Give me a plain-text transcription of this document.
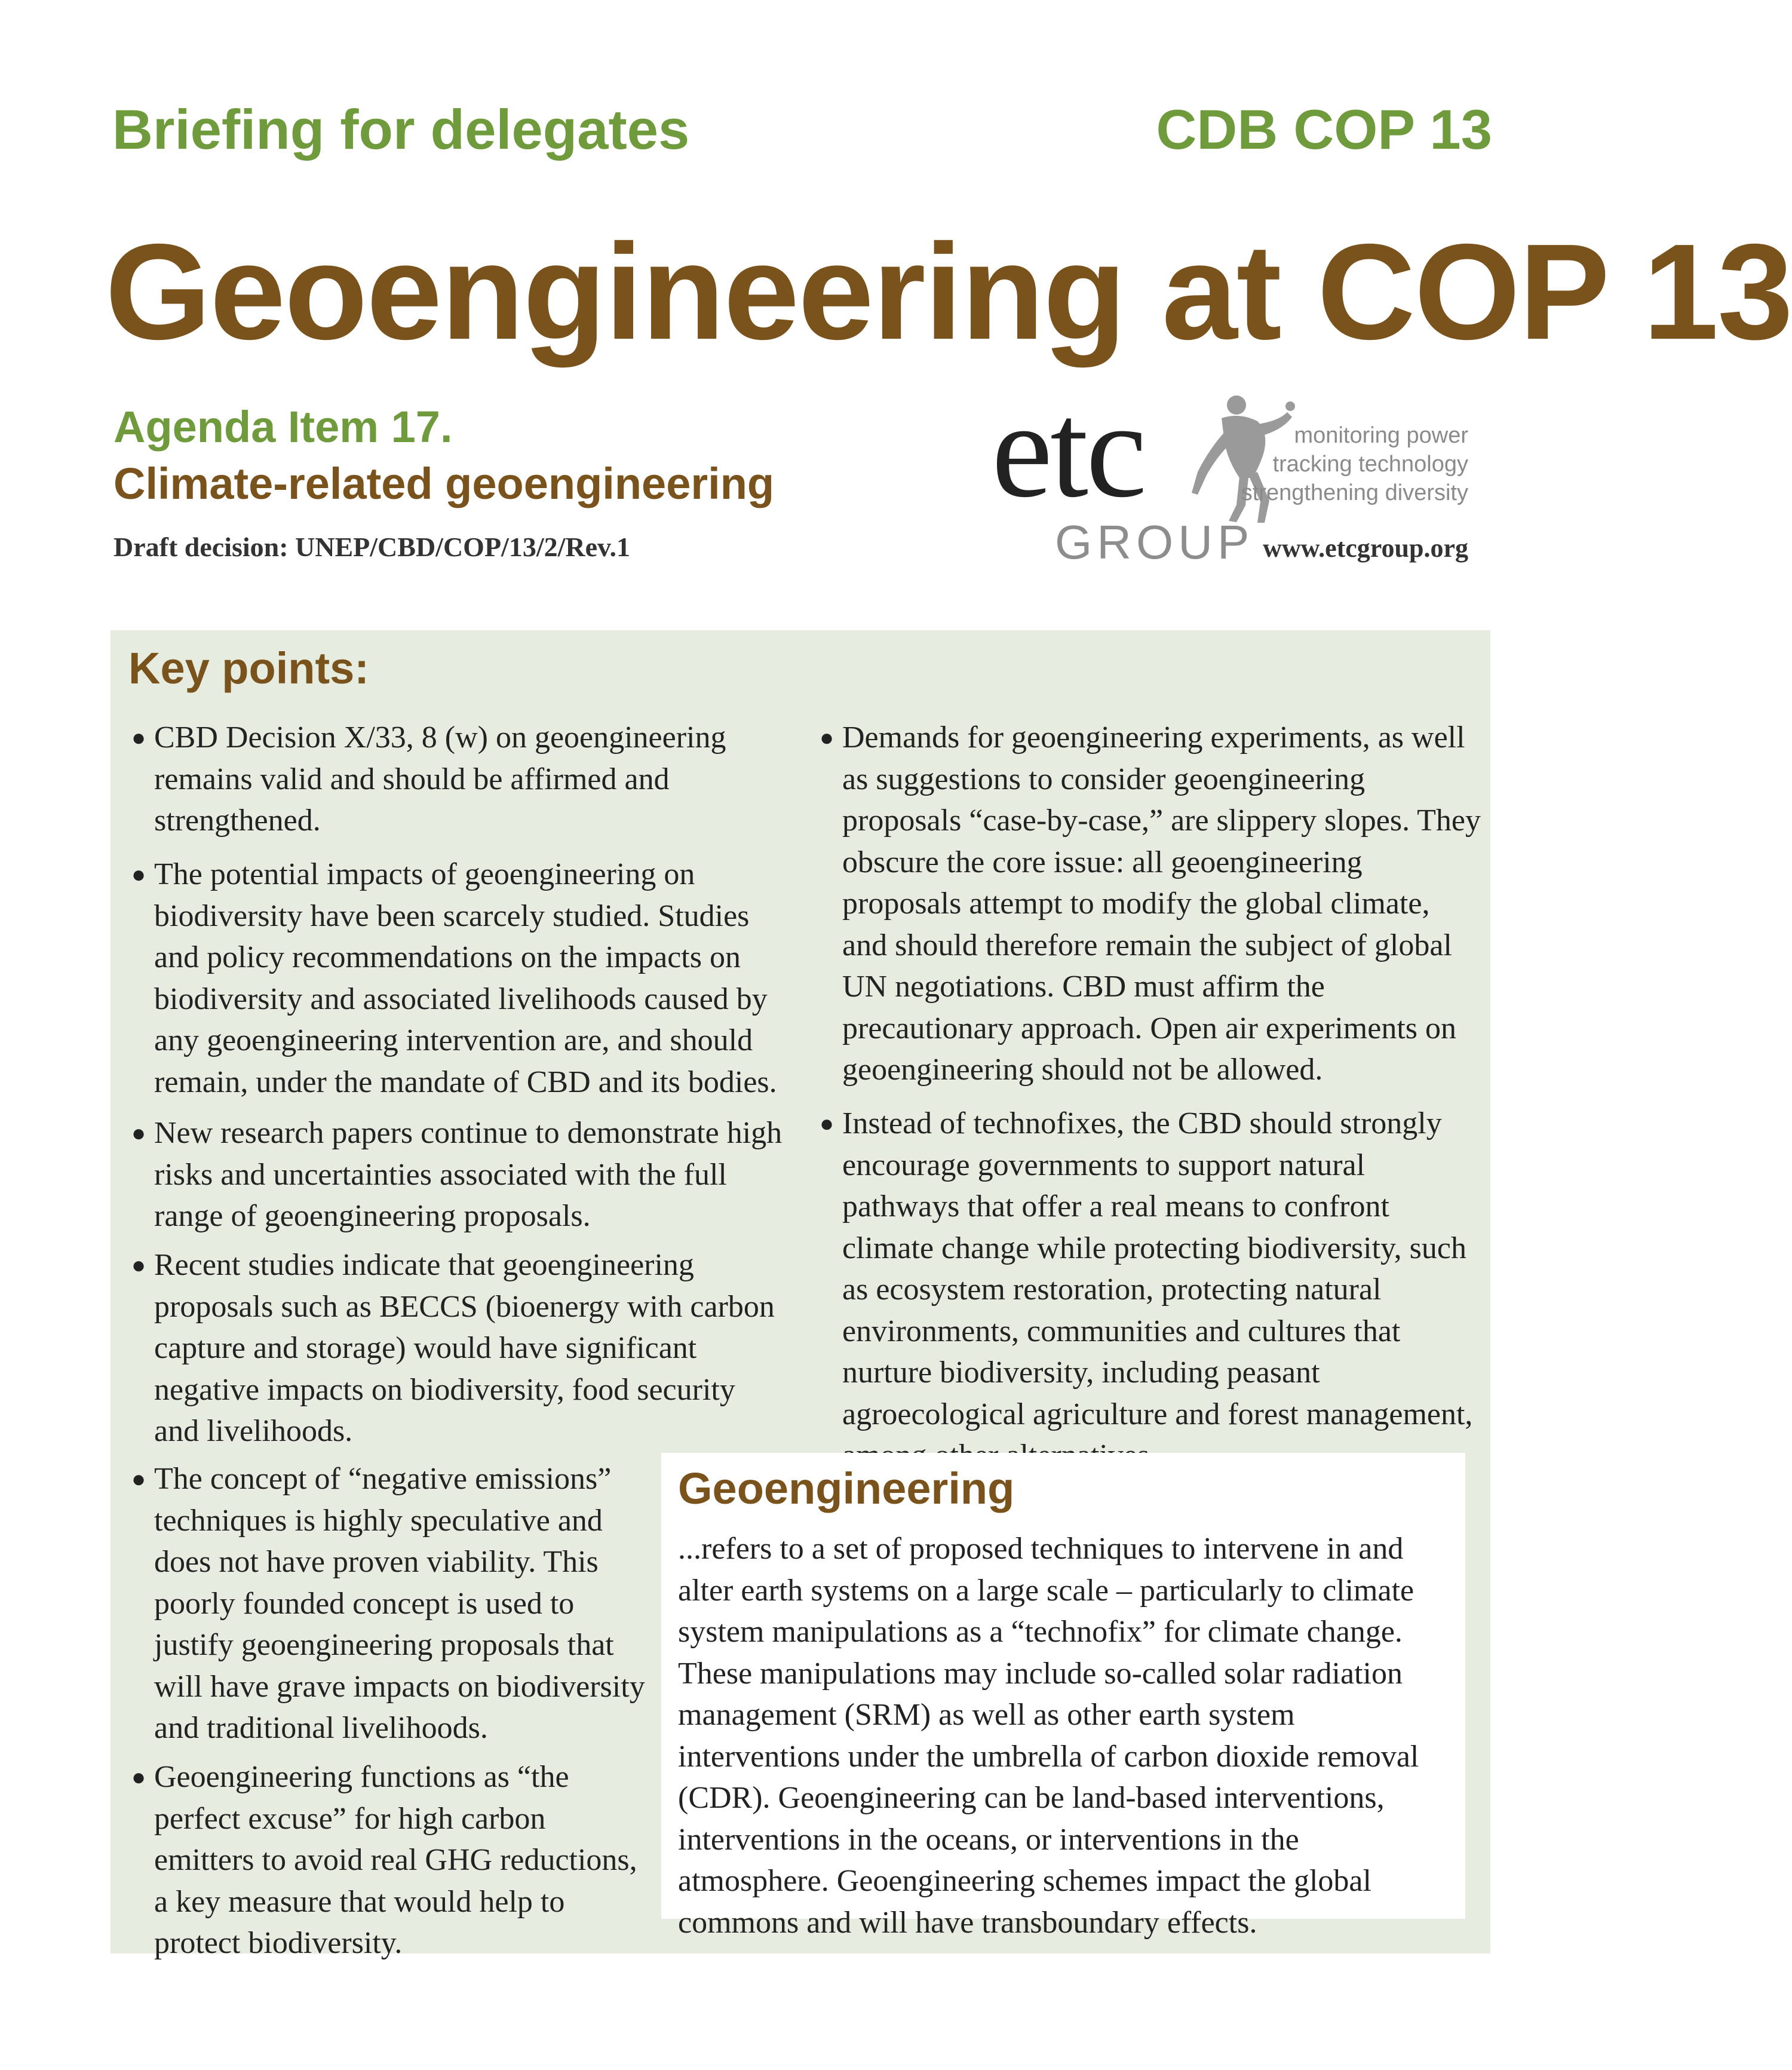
Briefing for delegates	CDB COP 13
Geoengineering at COP 13
Agenda Item 17.
Climate-related geoengineering
Draft decision: UNEP/CBD/COP/13/2/Rev.1
etc
GROUP
monitoring power
tracking technology
strengthening diversity
www.etcgroup.org
Key points:
● CBD Decision X/33, 8 (w) on geoengineering remains valid and should be affirmed and strengthened.
● The potential impacts of geoengineering on biodiversity have been scarcely studied. Studies and policy recommendations on the impacts on biodiversity and associated livelihoods caused by any geoengineering intervention are, and should remain, under the mandate of CBD and its bodies.
● New research papers continue to demonstrate high risks and uncertainties associated with the full range of geoengineering proposals.
● Recent studies indicate that geoengineering proposals such as BECCS (bioenergy with carbon capture and storage) would have significant negative impacts on biodiversity, food security and livelihoods.
● The concept of “negative emissions” techniques is highly speculative and does not have proven viability. This poorly founded concept is used to justify geoengineering proposals that will have grave impacts on biodiversity and traditional livelihoods.
● Geoengineering functions as “the perfect excuse” for high carbon emitters to avoid real GHG reductions, a key measure that would help to protect biodiversity.
● Demands for geoengineering experiments, as well as suggestions to consider geoengineering proposals “case-by-case,” are slippery slopes. They obscure the core issue: all geoengineering proposals attempt to modify the global climate, and should therefore remain the subject of global UN negotiations. CBD must affirm the precautionary approach. Open air experiments on geoengineering should not be allowed.
● Instead of technofixes, the CBD should strongly encourage governments to support natural pathways that offer a real means to confront climate change while protecting biodiversity, such as ecosystem restoration, protecting natural environments, communities and cultures that nurture biodiversity, including peasant agroecological agriculture and forest management,
Geoengineering
...refers to a set of proposed techniques to intervene in and alter earth systems on a large scale – particularly to climate system manipulations as a “technofix” for climate change. These manipulations may include so-called solar radiation management (SRM) as well as other earth system interventions under the umbrella of carbon dioxide removal (CDR). Geoengineering can be land-based interventions, interventions in the oceans, or interventions in the atmosphere. Geoengineering schemes impact the global commons and will have transboundary effects.
